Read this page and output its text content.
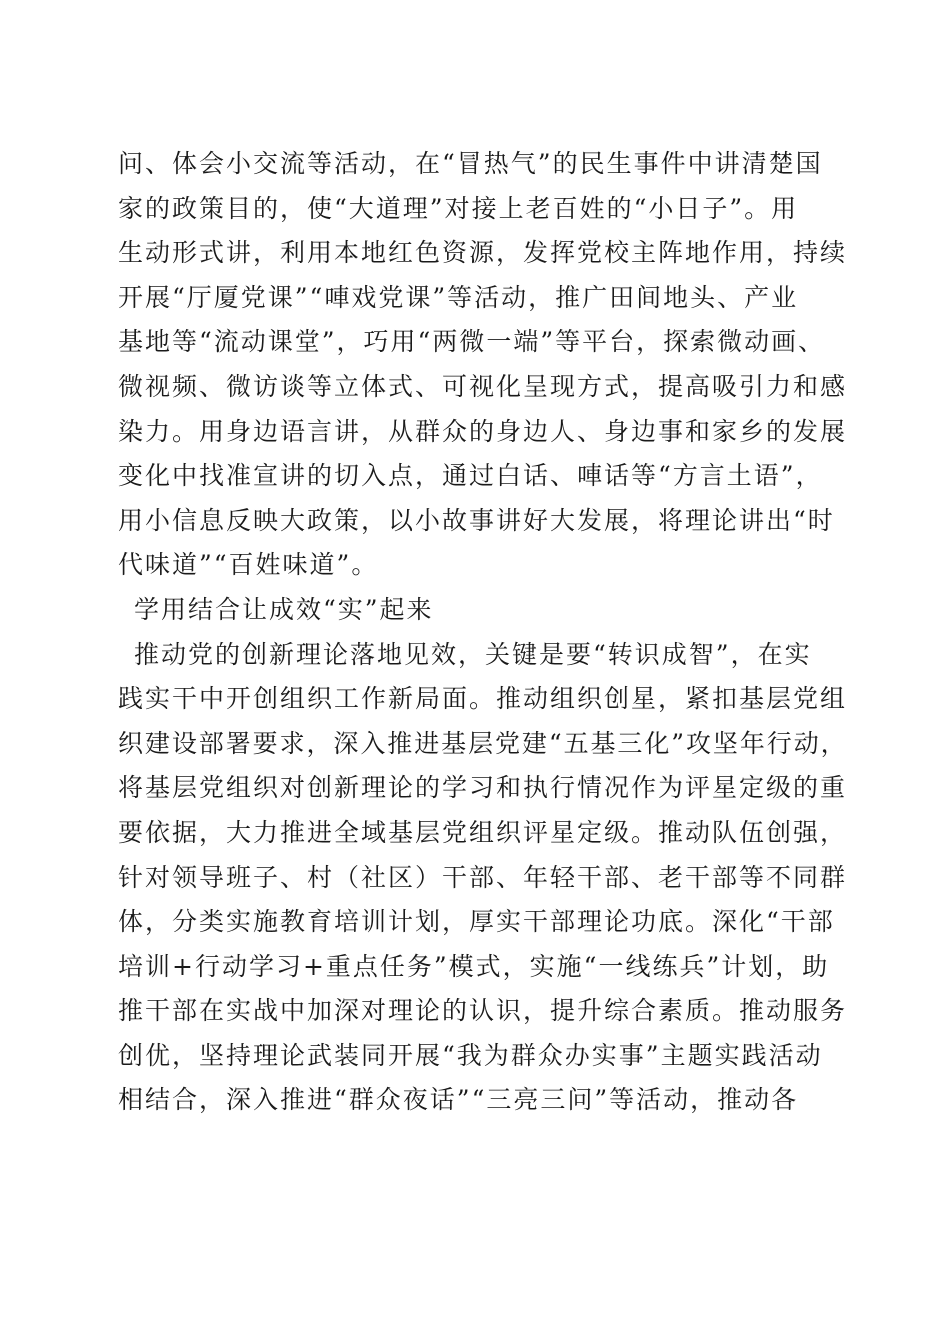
问、体会小交流等活动，在“冒热气”的民生事件中讲清楚国
家的政策目的，使“大道理”对接上老百姓的“小日子”。用
生动形式讲，利用本地红色资源，发挥党校主阵地作用，持续
开展“厅厦党课”“唓戏党课”等活动，推广田间地头、产业
基地等“流动课堂”，巧用“两微一端”等平台，探索微动画、
微视频、微访谈等立体式、可视化呈现方式，提高吸引力和感
染力。用身边语言讲，从群众的身边人、身边事和家乡的发展
变化中找准宣讲的切入点，通过白话、唓话等“方言土语”，
用小信息反映大政策，以小故事讲好大发展，将理论讲出“时
代味道”“百姓味道”。
学用结合让成效“实”起来
推动党的创新理论落地见效，关键是要“转识成智”，在实
践实干中开创组织工作新局面。推动组织创星，紧扣基层党组
织建设部署要求，深入推进基层党建“五基三化”攻坚年行动，
将基层党组织对创新理论的学习和执行情况作为评星定级的重
要依据，大力推进全域基层党组织评星定级。推动队伍创强，
针对领导班子、村（社区）干部、年轻干部、老干部等不同群
体，分类实施教育培训计划，厚实干部理论功底。深化“干部
培训+行动学习+重点任务”模式，实施“一线练兵”计划，助
推干部在实战中加深对理论的认识，提升综合素质。推动服务
创优，坚持理论武装同开展“我为群众办实事”主题实践活动
相结合，深入推进“群众夜话”“三亮三问”等活动，推动各
